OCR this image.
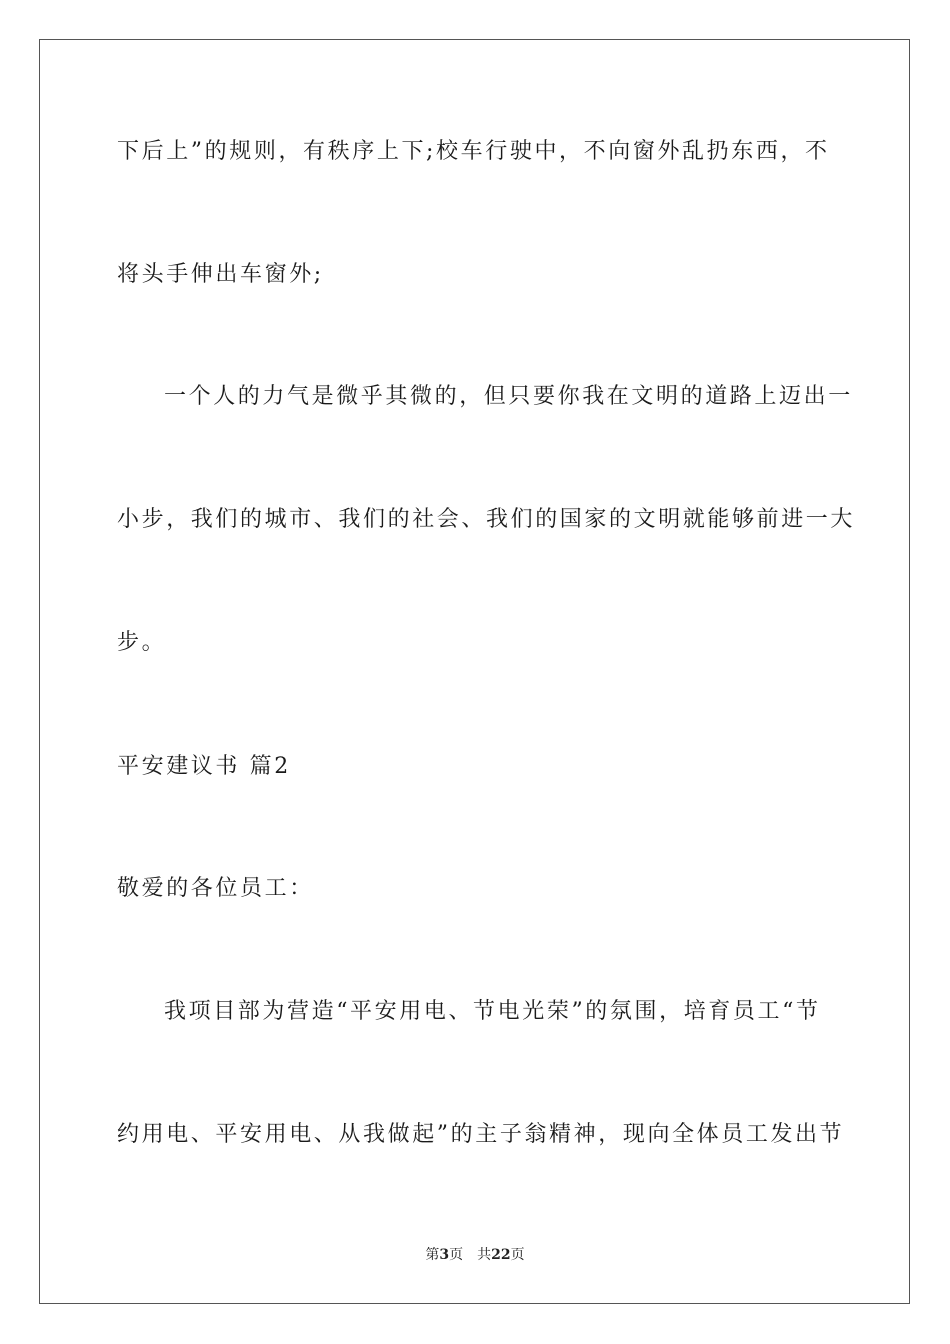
下后上”的规则，有秩序上下;校车行驶中，不向窗外乱扔东西，不
将头手伸出车窗外;
一个人的力气是微乎其微的，但只要你我在文明的道路上迈出一
小步，我们的城市、我们的社会、我们的国家的文明就能够前进一大
步。
平安建议书 篇2
敬爱的各位员工：
我项目部为营造“平安用电、节电光荣”的氛围，培育员工“节
约用电、平安用电、从我做起”的主子翁精神，现向全体员工发出节
第3页 共22页
